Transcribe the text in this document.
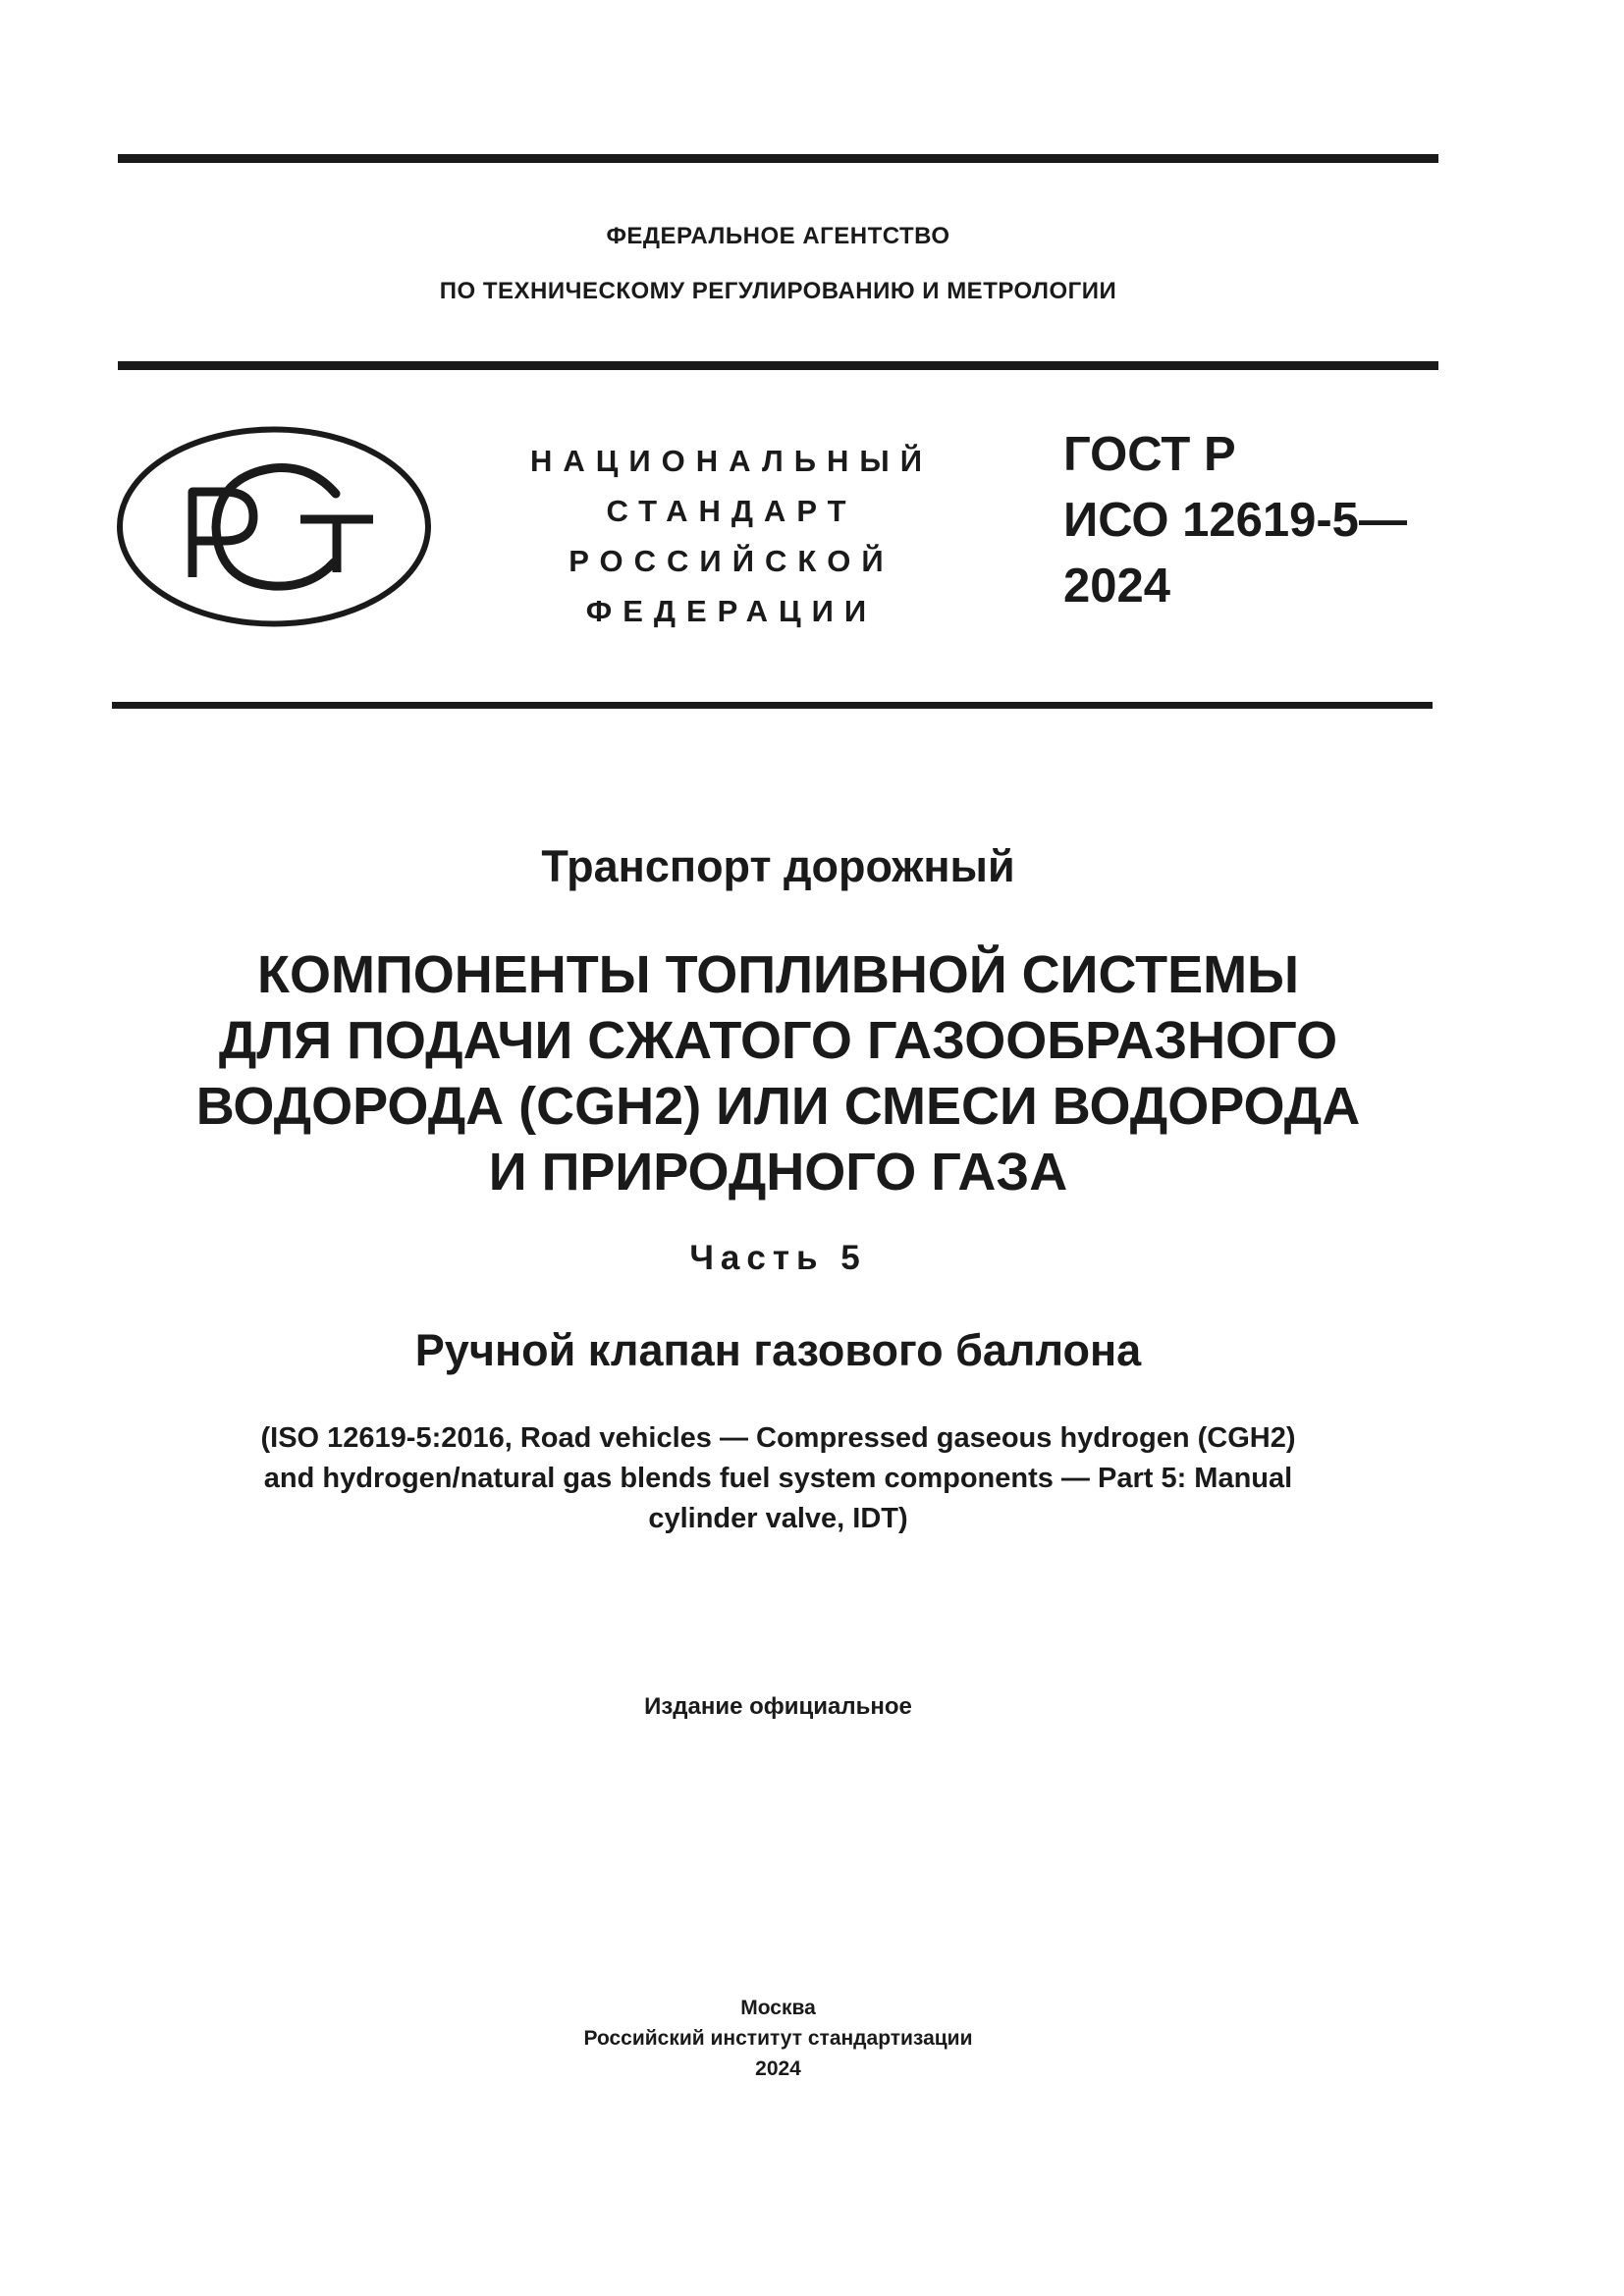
ФЕДЕРАЛЬНОЕ АГЕНТСТВО
ПО ТЕХНИЧЕСКОМУ РЕГУЛИРОВАНИЮ И МЕТРОЛОГИИ
РСТ
НАЦИОНАЛЬНЫЙ
СТАНДАРТ
РОССИЙСКОЙ
ФЕДЕРАЦИИ
ГОСТ Р
ИСО 12619-5—
2024
Транспорт дорожный
КОМПОНЕНТЫ ТОПЛИВНОЙ СИСТЕМЫ
ДЛЯ ПОДАЧИ СЖАТОГО ГАЗООБРАЗНОГО
ВОДОРОДА (CGH2) ИЛИ СМЕСИ ВОДОРОДА
И ПРИРОДНОГО ГАЗА
Часть 5
Ручной клапан газового баллона
(ISO 12619-5:2016, Road vehicles — Compressed gaseous hydrogen (CGH2)
and hydrogen/natural gas blends fuel system components — Part 5: Manual
cylinder valve, IDT)
Издание официальное
Москва
Российский институт стандартизации
2024
